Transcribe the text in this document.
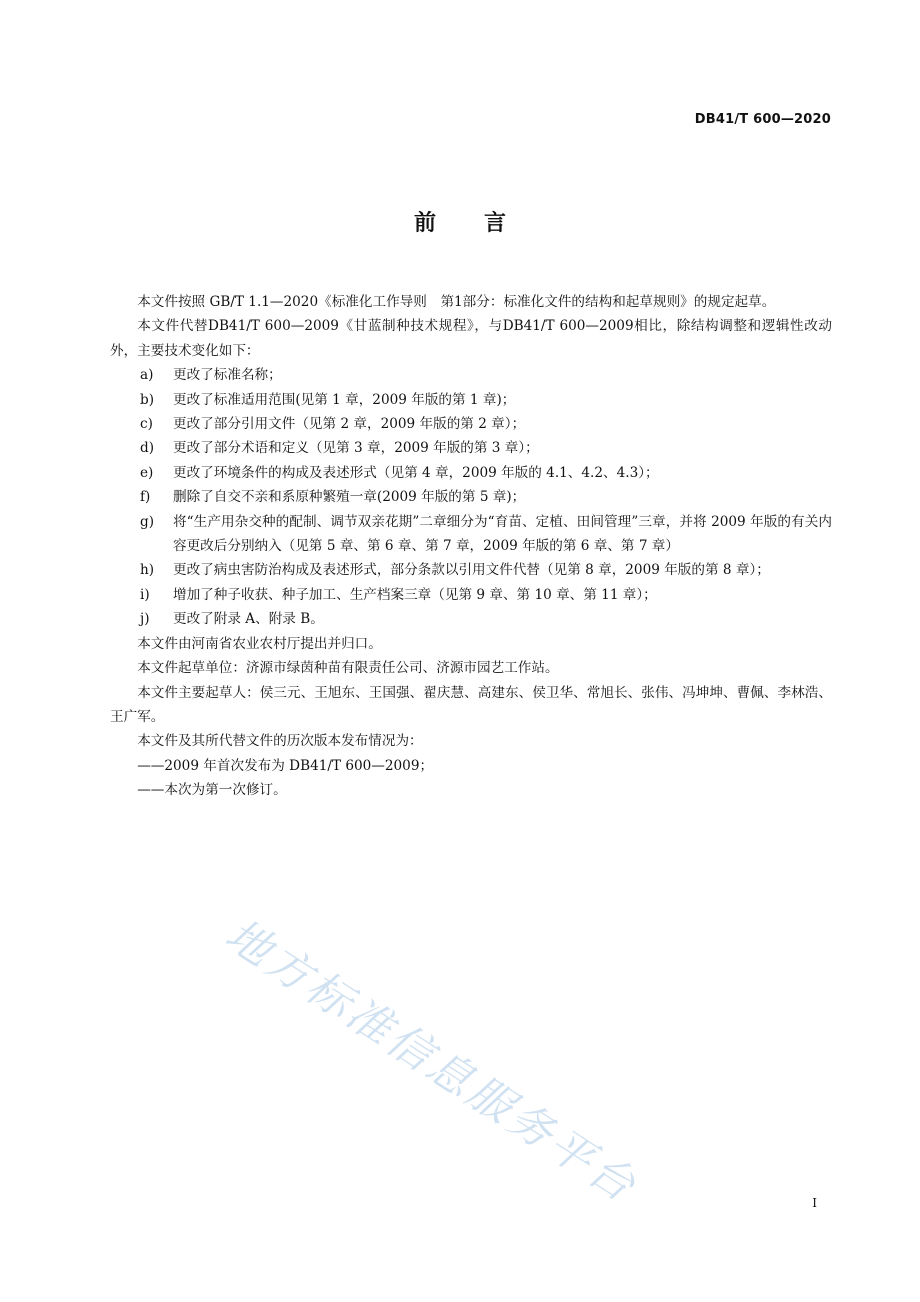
DB41/T 600—2020
前言

本文件按照 GB/T 1.1—2020《标准化工作导则　第1部分：标准化文件的结构和起草规则》的规定起草。

本文件代替DB41/T 600—2009《甘蓝制种技术规程》，与DB41/T 600—2009相比，除结构调整和逻辑性改动外，主要技术变化如下：

a)	更改了标准名称；
b)	更改了标准适用范围(见第 1 章，2009 年版的第 1 章)；
c)	更改了部分引用文件（见第 2 章，2009 年版的第 2 章）；
d)	更改了部分术语和定义（见第 3 章，2009 年版的第 3 章）；
e)	更改了环境条件的构成及表述形式（见第 4 章，2009 年版的 4.1、4.2、4.3）；
f)	删除了自交不亲和系原种繁殖一章(2009 年版的第 5 章)；
g)	将“生产用杂交种的配制、调节双亲花期”二章细分为“育苗、定植、田间管理”三章，并将 2009 年版的有关内容更改后分别纳入（见第 5 章、第 6 章、第 7 章，2009 年版的第 6 章、第 7 章）
h)	更改了病虫害防治构成及表述形式，部分条款以引用文件代替（见第 8 章，2009 年版的第 8 章）；
i)	增加了种子收获、种子加工、生产档案三章（见第 9 章、第 10 章、第 11 章）；
j)	更改了附录 A、附录 B。

本文件由河南省农业农村厅提出并归口。

本文件起草单位：济源市绿茵种苗有限责任公司、济源市园艺工作站。

本文件主要起草人：侯三元、王旭东、王国强、翟庆慧、高建东、侯卫华、常旭长、张伟、冯坤坤、曹佩、李林浩、王广军。

本文件及其所代替文件的历次版本发布情况为：

——2009 年首次发布为 DB41/T 600—2009；

——本次为第一次修订。

地方标准信息服务平台	I
